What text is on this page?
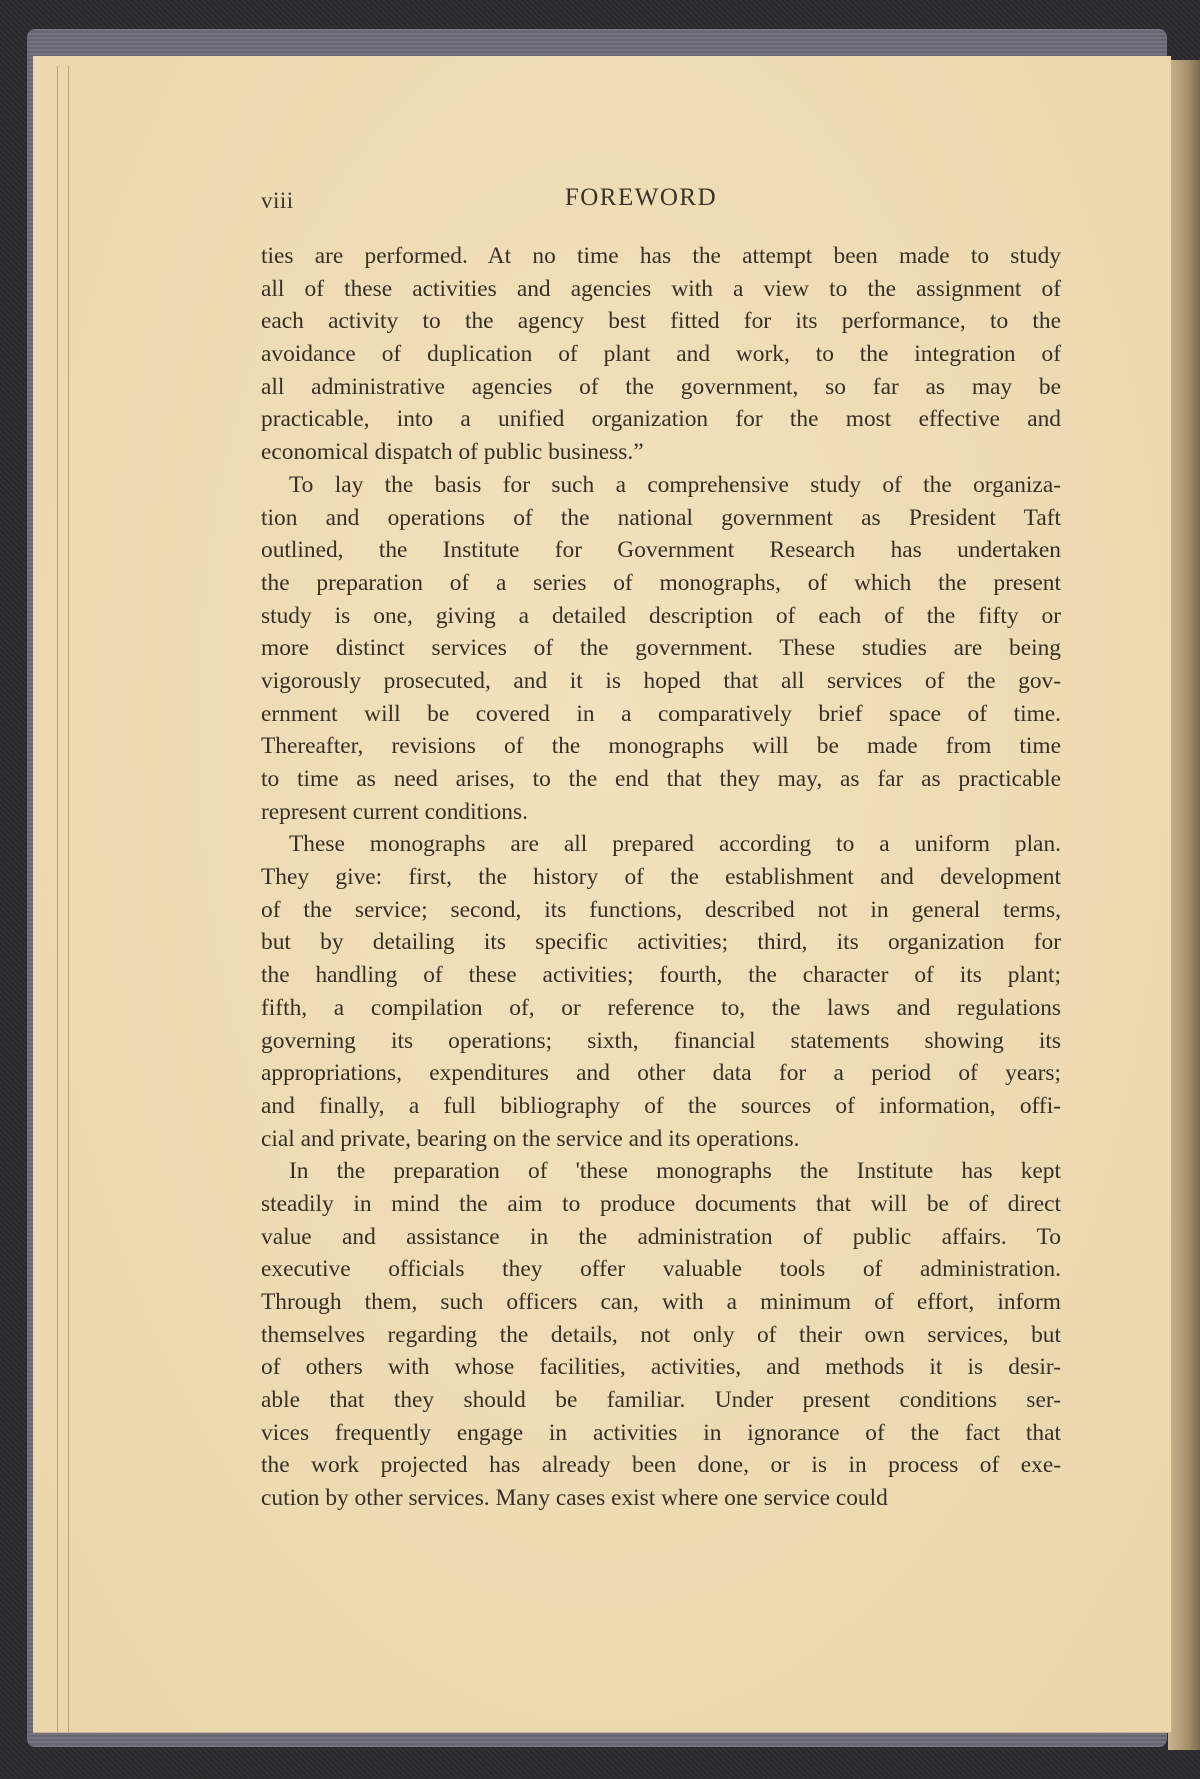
viii	FOREWORD
ties are performed. At no time has the attempt been made to study
all of these activities and agencies with a view to the assignment of
each activity to the agency best fitted for its performance, to the
avoidance of duplication of plant and work, to the integration of
all administrative agencies of the government, so far as may be
practicable, into a unified organization for the most effective and
economical dispatch of public business.”
To lay the basis for such a comprehensive study of the organiza-
tion and operations of the national government as President Taft
outlined, the Institute for Government Research has undertaken
the preparation of a series of monographs, of which the present
study is one, giving a detailed description of each of the fifty or
more distinct services of the government. These studies are being
vigorously prosecuted, and it is hoped that all services of the gov-
ernment will be covered in a comparatively brief space of time.
Thereafter, revisions of the monographs will be made from time
to time as need arises, to the end that they may, as far as practicable
represent current conditions.
These monographs are all prepared according to a uniform plan.
They give: first, the history of the establishment and development
of the service; second, its functions, described not in general terms,
but by detailing its specific activities; third, its organization for
the handling of these activities; fourth, the character of its plant;
fifth, a compilation of, or reference to, the laws and regulations
governing its operations; sixth, financial statements showing its
appropriations, expenditures and other data for a period of years;
and finally, a full bibliography of the sources of information, offi-
cial and private, bearing on the service and its operations.
In the preparation of 'these monographs the Institute has kept
steadily in mind the aim to produce documents that will be of direct
value and assistance in the administration of public affairs. To
executive officials they offer valuable tools of administration.
Through them, such officers can, with a minimum of effort, inform
themselves regarding the details, not only of their own services, but
of others with whose facilities, activities, and methods it is desir-
able that they should be familiar. Under present conditions ser-
vices frequently engage in activities in ignorance of the fact that
the work projected has already been done, or is in process of exe-
cution by other services. Many cases exist where one service could
